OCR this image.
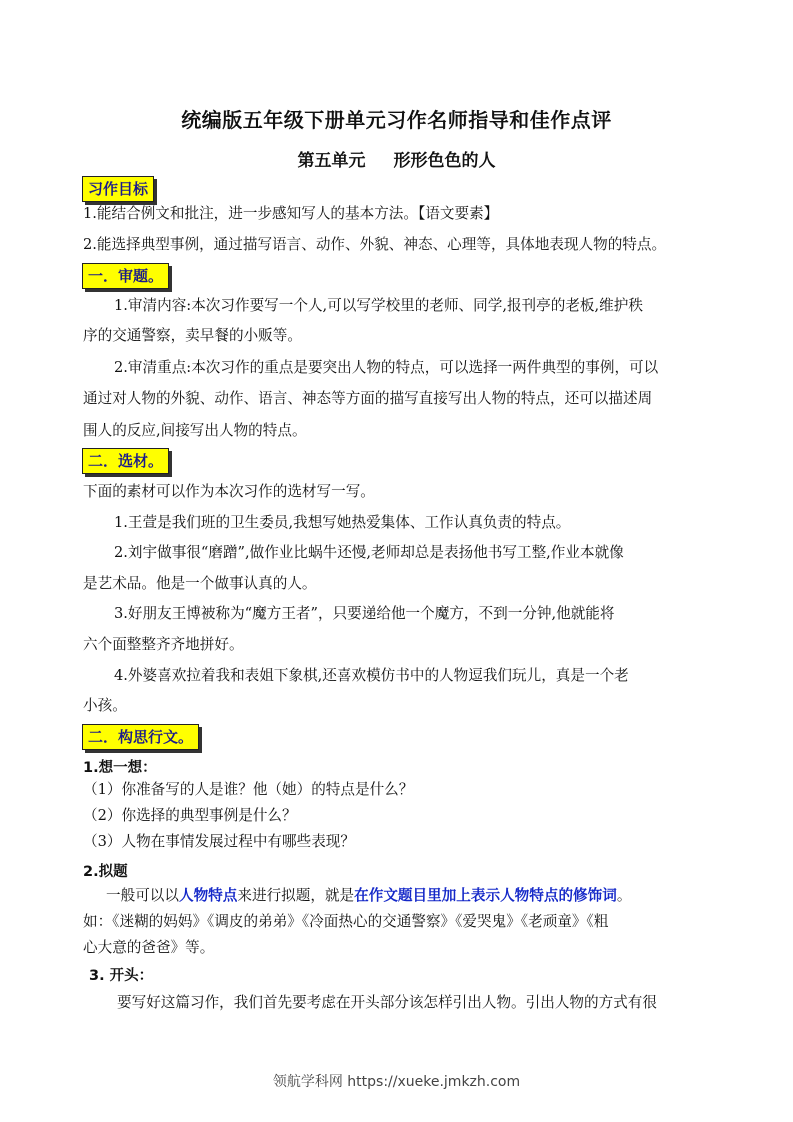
统编版五年级下册单元习作名师指导和佳作点评
第五单元 形形色色的人
习作目标
1.能结合例文和批注，进一步感知写人的基本方法。【语文要素】
2.能选择典型事例，通过描写语言、动作、外貌、神态、心理等，具体地表现人物的特点。
一．审题。
1.审清内容:本次习作要写一个人,可以写学校里的老师、同学,报刊亭的老板,维护秩
序的交通警察，卖早餐的小贩等。
2.审清重点:本次习作的重点是要突出人物的特点，可以选择一两件典型的事例，可以
通过对人物的外貌、动作、语言、神态等方面的描写直接写出人物的特点，还可以描述周
围人的反应,间接写出人物的特点。
二．选材。
下面的素材可以作为本次习作的选材写一写。
1.王萱是我们班的卫生委员,我想写她热爱集体、工作认真负责的特点。
2.刘宇做事很“磨蹭”,做作业比蜗牛还慢,老师却总是表扬他书写工整,作业本就像
是艺术品。他是一个做事认真的人。
3.好朋友王博被称为“魔方王者”，只要递给他一个魔方，不到一分钟,他就能将
六个面整整齐齐地拼好。
4.外婆喜欢拉着我和表姐下象棋,还喜欢模仿书中的人物逗我们玩儿，真是一个老
小孩。
二．构思行文。
1.想一想：
（1）你准备写的人是谁？他（她）的特点是什么？
（2）你选择的典型事例是什么？
（3）人物在事情发展过程中有哪些表现？
2.拟题
一般可以以人物特点来进行拟题，就是在作文题目里加上表示人物特点的修饰词。
如：《迷糊的妈妈》《调皮的弟弟》《冷面热心的交通警察》《爱哭鬼》《老顽童》《粗
心大意的爸爸》等。
3. 开头：
要写好这篇习作，我们首先要考虑在开头部分该怎样引出人物。引出人物的方式有很
领航学科网 https://xueke.jmkzh.com
